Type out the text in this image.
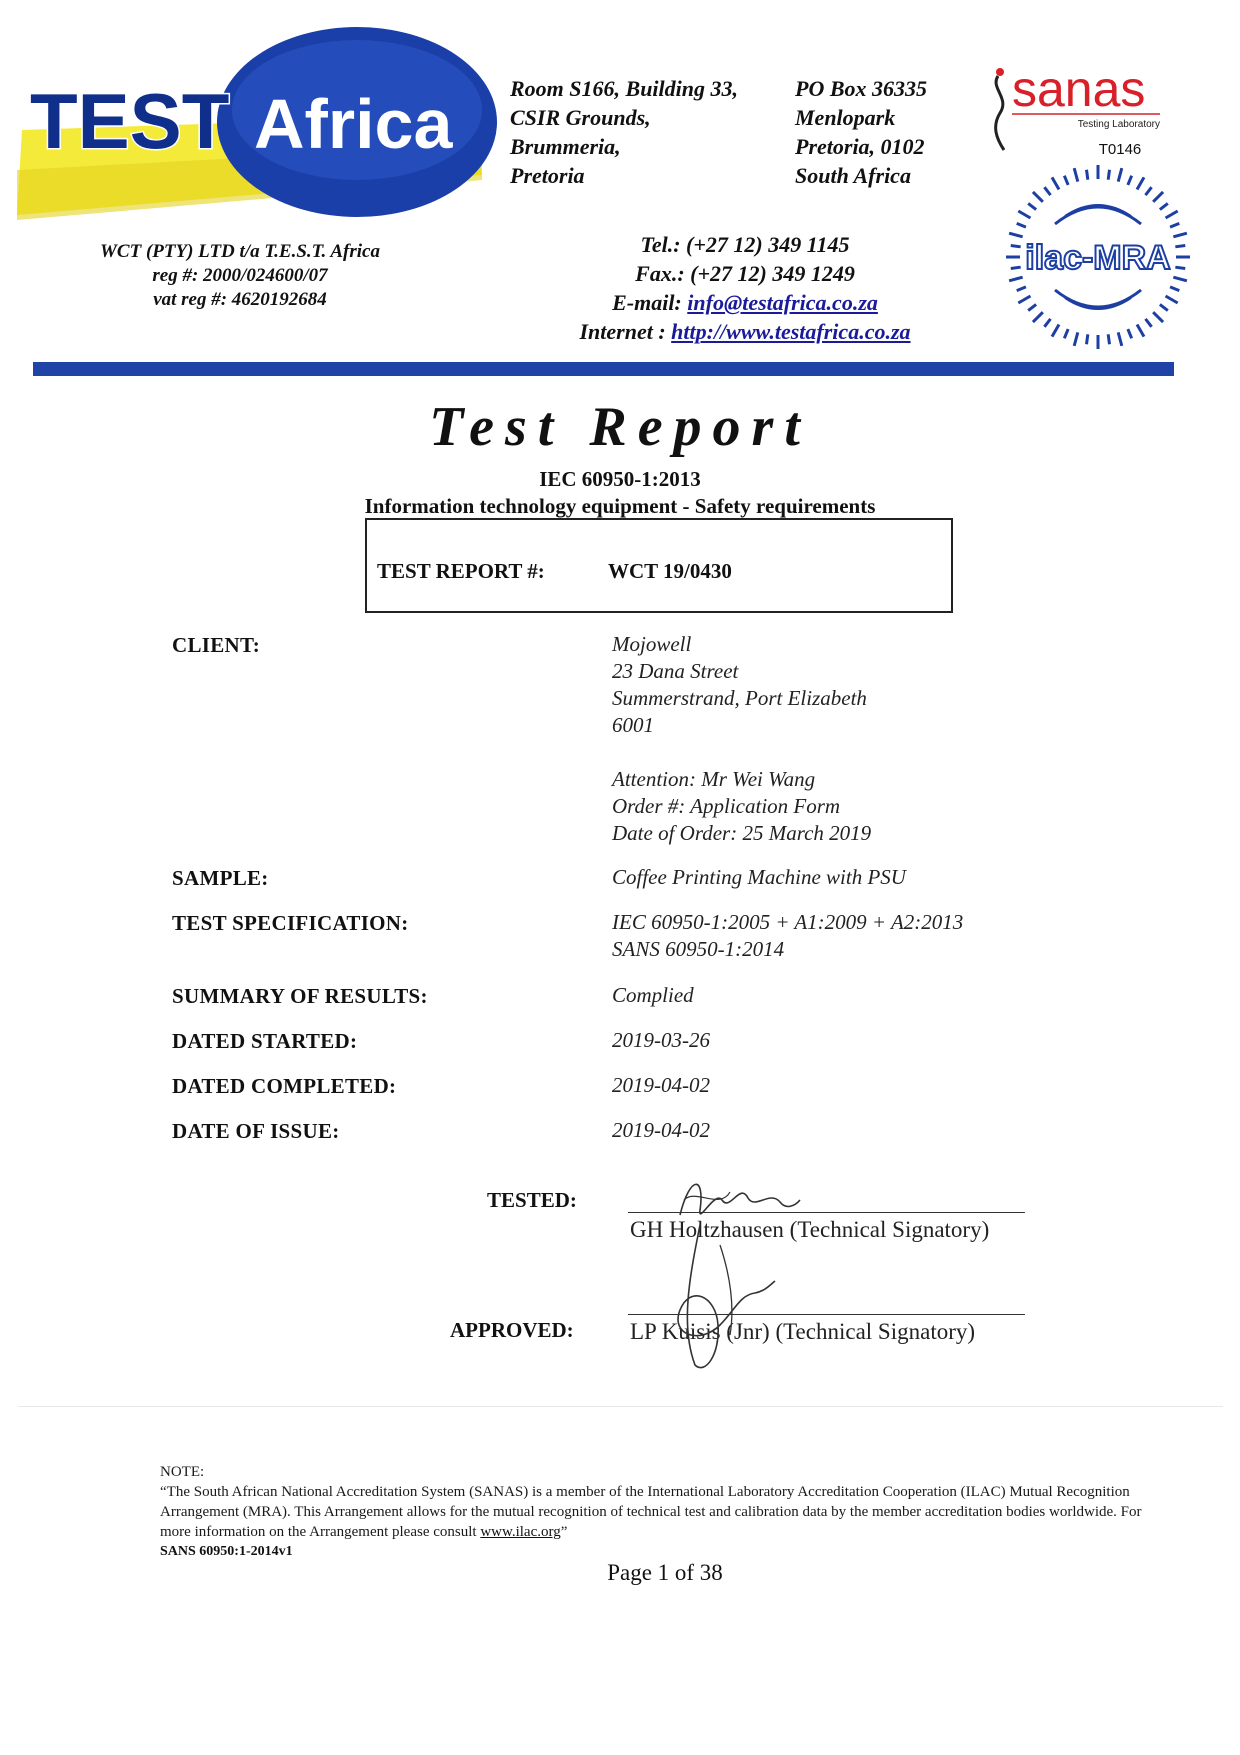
TEST Africa
WCT (PTY) LTD t/a T.E.S.T. Africa
reg #: 2000/024600/07
vat reg #: 4620192684
Room S166, Building 33,
CSIR Grounds,
Brummeria,
Pretoria
PO Box 36335
Menlopark
Pretoria, 0102
South Africa
Tel.: (+27 12) 349 1145
Fax.: (+27 12) 349 1249
E-mail: info@testafrica.co.za
Internet : http://www.testafrica.co.za
sanas
Testing Laboratory
T0146
ilac-MRA
Test Report
IEC 60950-1:2013
Information technology equipment - Safety requirements
TEST REPORT #:	WCT 19/0430
CLIENT:	Mojowell
23 Dana Street
Summerstrand, Port Elizabeth
6001
Attention: Mr Wei Wang
Order #: Application Form
Date of Order: 25 March 2019
SAMPLE:	Coffee Printing Machine with PSU
TEST SPECIFICATION:	IEC 60950-1:2005 + A1:2009 + A2:2013
SANS 60950-1:2014
SUMMARY OF RESULTS:	Complied
DATED STARTED:	2019-03-26
DATED COMPLETED:	2019-04-02
DATE OF ISSUE:	2019-04-02
TESTED:
GH Holtzhausen (Technical Signatory)
APPROVED: LP Kuisis (Jnr) (Technical Signatory)
NOTE:
“The South African National Accreditation System (SANAS) is a member of the International Laboratory Accreditation Cooperation (ILAC) Mutual Recognition Arrangement (MRA). This Arrangement allows for the mutual recognition of technical test and calibration data by the member accreditation bodies worldwide. For more information on the Arrangement please consult www.ilac.org”
SANS 60950:1-2014v1
Page 1 of 38
